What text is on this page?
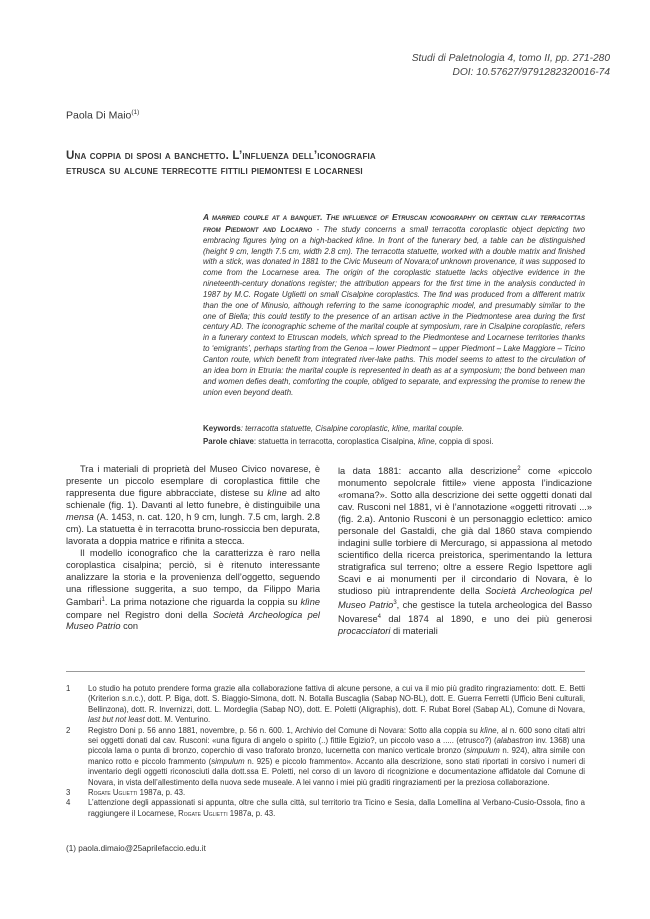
Studi di Paletnologia 4, tomo II, pp. 271-280
DOI: 10.57627/9791282320016-74
Paola Di Maio$^{(1)}$
Una coppia di sposi a banchetto. L’influenza dell’iconografia
etrusca su alcune terrecotte fittili piemontesi e locarnesi
A married couple at a banquet. The influence of Etruscan iconography on certain clay terracottas from Piedmont and Locarno - The study concerns a small terracotta coroplastic object depicting two embracing figures lying on a high-backed klìne. In front of the funerary bed, a table can be distinguished (height 9 cm, length 7.5 cm, width 2.8 cm). The terracotta statuette, worked with a double matrix and finished with a stick, was donated in 1881 to the Civic Museum of Novara;of unknown provenance, it was supposed to come from the Locarnese area. The origin of the coroplastic statuette lacks objective evidence in the nineteenth-century donations register; the attribution appears for the first time in the analysis conducted in 1987 by M.C. Rogate Uglietti on small Cisalpine coroplastics. The find was produced from a different matrix than the one of Minusio, although referring to the same iconographic model, and presumably similar to the one of Biella; this could testify to the presence of an artisan active in the Piedmontese area during the first century AD. The iconographic scheme of the marital couple at symposium, rare in Cisalpine coroplastic, refers in a funerary context to Etruscan models, which spread to the Piedmontese and Locarnese territories thanks to ‘emigrants’, perhaps starting from the Genoa – lower Piedmont – upper Piedmont – Lake Maggiore – Ticino Canton route, which benefit from integrated river-lake paths. This model seems to attest to the circulation of an idea born in Etruria: the marital couple is represented in death as at a symposium; the bond between man and women defies death, comforting the couple, obliged to separate, and expressing the promise to renew the union even beyond death.
Keywords: terracotta statuette, Cisalpine coroplastic, kline, marital couple.
Parole chiave: statuetta in terracotta, coroplastica Cisalpina, klìne, coppia di sposi.

Tra i materiali di proprietà del Museo Civico novarese, è presente un piccolo esemplare di coroplastica fittile che rappresenta due figure abbracciate, distese su klìne ad alto schienale (fig. 1). Davanti al letto funebre, è distinguibile una mensa (A. 1453, n. cat. 120, h 9 cm, lungh. 7.5 cm, largh. 2.8 cm). La statuetta è in terracotta bruno-rossiccia ben depurata, lavorata a doppia matrice e rifinita a stecca.

Il modello iconografico che la caratterizza è raro nella coroplastica cisalpina; perciò, si è ritenuto interessante analizzare la storia e la provenienza dell’oggetto, seguendo una riflessione suggerita, a suo tempo, da Filippo Maria Gambari$^1$. La prima notazione che riguarda la coppia su klìne compare nel Registro doni della Società Archeologica pel Museo Patrio con

la data 1881: accanto alla descrizione$^2$ come «piccolo monumento sepolcrale fittile» viene apposta l’indicazione «romana?». Sotto alla descrizione dei sette oggetti donati dal cav. Rusconi nel 1881, vi è l’annotazione «oggetti ritrovati ...» (fig. 2.a). Antonio Rusconi è un personaggio eclettico: amico personale del Gastaldi, che già dal 1860 stava compiendo indagini sulle torbiere di Mercurago, si appassiona al metodo scientifico della ricerca preistorica, sperimentando la lettura stratigrafica sul terreno; oltre a essere Regio Ispettore agli Scavi e ai monumenti per il circondario di Novara, è lo studioso più intraprendente della Società Archeologica pel Museo Patrio$^3$, che gestisce la tutela archeologica del Basso Novarese$^4$ dal 1874 al 1890, e uno dei più generosi procacciatori di materiali

1	Lo studio ha potuto prendere forma grazie alla collaborazione fattiva di alcune persone, a cui va il mio più gradito ringraziamento: dott. E. Betti (Kriterion s.n.c.), dott. P. Biga, dott. S. Biaggio-Simona, dott. N. Botalla Buscaglia (Sabap NO-BL), dott. E. Guerra Ferretti (Ufficio Beni culturali, Bellinzona), dott. R. Invernizzi, dott. L. Mordeglia (Sabap NO), dott. E. Poletti (Aligraphis), dott. F. Rubat Borel (Sabap AL), Comune di Novara, last but not least dott. M. Venturino.
2	Registro Doni p. 56 anno 1881, novembre, p. 56 n. 600. 1, Archivio del Comune di Novara: Sotto alla coppia su klìne, al n. 600 sono citati altri sei oggetti donati dal cav. Rusconi: «una figura di angelo o spirito (..) fittile Egizio?, un piccolo vaso a ..... (etrusco?) (alabastron inv. 1368) una piccola lama o punta di bronzo, coperchio di vaso traforato bronzo, lucernetta con manico verticale bronzo (simpulum n. 924), altra simile con manico rotto e piccolo frammento (simpulum n. 925) e piccolo frammento». Accanto alla descrizione, sono stati riportati in corsivo i numeri di inventario degli oggetti riconosciuti dalla dott.ssa E. Poletti, nel corso di un lavoro di ricognizione e documentazione affidatole dal Comune di Novara, in vista dell’allestimento della nuova sede museale. A lei vanno i miei più graditi ringraziamenti per la preziosa collaborazione.
3	Rogate Uglietti 1987a, p. 43.
4	L’attenzione degli appassionati si appunta, oltre che sulla città, sul territorio tra Ticino e Sesia, dalla Lomellina al Verbano-Cusio-Ossola, fino a raggiungere il Locarnese, Rogate Uglietti 1987a, p. 43.
(1) paola.dimaio@25aprilefaccio.edu.it
